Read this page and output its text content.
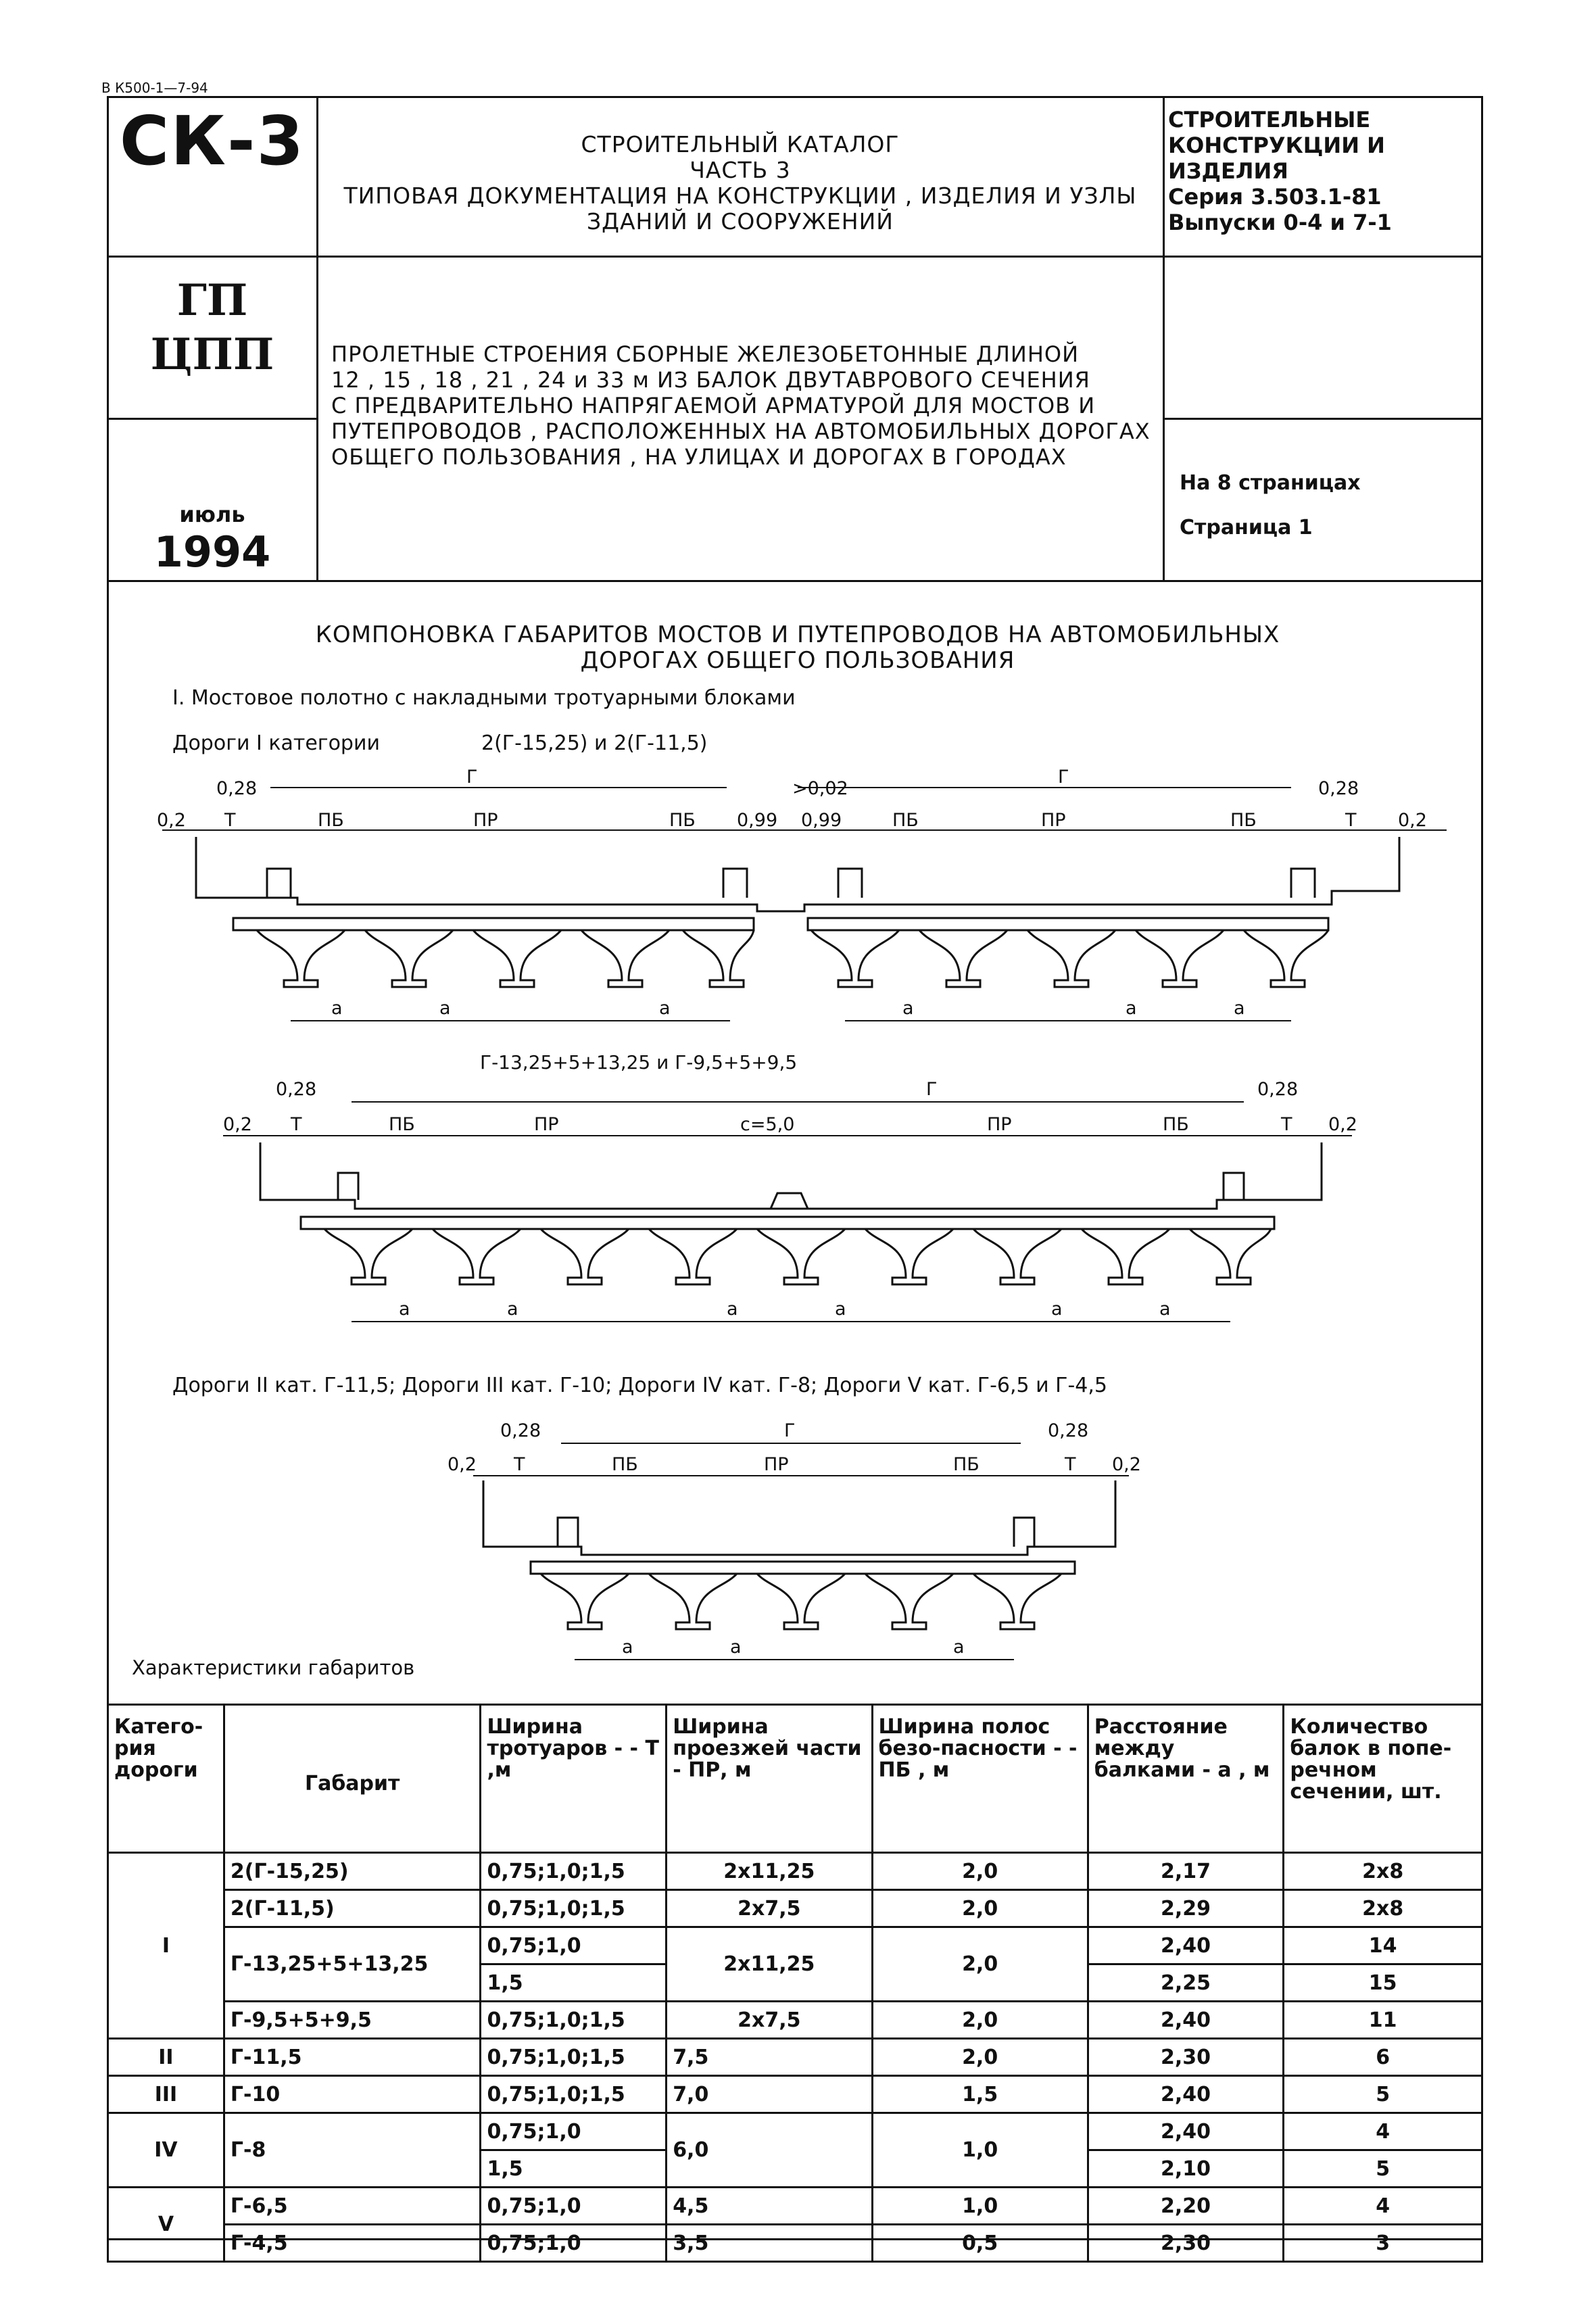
В К500-1—7-94
СК-3	СТРОИТЕЛЬНЫЙ КАТАЛОГ
ЧАСТЬ 3
ТИПОВАЯ ДОКУМЕНТАЦИЯ НА КОНСТРУКЦИИ , ИЗДЕЛИЯ И УЗЛЫ
ЗДАНИЙ И СООРУЖЕНИЙ
СТРОИТЕЛЬНЫЕ
КОНСТРУКЦИИ И ИЗДЕЛИЯ
Серия 3.503.1-81
Выпуски 0-4 и 7-1
ГП
ЦПП
июль
1994
ПРОЛЕТНЫЕ СТРОЕНИЯ СБОРНЫЕ ЖЕЛЕЗОБЕТОННЫЕ ДЛИНОЙ
12 , 15 , 18 , 21 , 24 и 33 м ИЗ БАЛОК ДВУТАВРОВОГО СЕЧЕНИЯ
С ПРЕДВАРИТЕЛЬНО НАПРЯГАЕМОЙ АРМАТУРОЙ ДЛЯ МОСТОВ И
ПУТЕПРОВОДОВ , РАСПОЛОЖЕННЫХ НА АВТОМОБИЛЬНЫХ ДОРОГАХ
ОБЩЕГО ПОЛЬЗОВАНИЯ , НА УЛИЦАХ И ДОРОГАХ В ГОРОДАХ
На 8 страницах
Страница 1
КОМПОНОВКА ГАБАРИТОВ МОСТОВ И ПУТЕПРОВОДОВ НА АВТОМОБИЛЬНЫХ
ДОРОГАХ ОБЩЕГО ПОЛЬЗОВАНИЯ
I. Мостовое полотно с накладными тротуарными блоками
Дороги I категории	2(Г-15,25) и 2(Г-11,5)
Г-13,25+5+13,25 и Г-9,5+5+9,5
Дороги II кат. Г-11,5; Дороги III кат. Г-10; Дороги IV кат. Г-8; Дороги V кат. Г-6,5 и Г-4,5
Характеристики габаритов
0,28
0,2 Т	ПБ	ПР	ПБ 0,99 0,99
>0,02
ПБ	ПР	ПБ	Т 0,2
0,28
Г	Г
а	а	а	а	а	а
0,28
0,2 Т	ПБ	ПР	с=5,0	ПР	ПБ	Т 0,2
0,28
Г
а	а	а	а	а	а
0,28
0,2 Т	ПБ	ПР	ПБ	Т 0,2
0,28
Г
а	а	а
Катего-рия дороги	Габарит	Ширина тротуаров - - Т ,м	Ширина проезжей части - ПР, м	Ширина полос безо-пасности - - ПБ , м	Расстояние между балками - а , м	Количество балок в попе-речном сечении, шт.
I	2(Г-15,25)	0,75;1,0;1,5	2х11,25	2,0	2,17	2х8
	2(Г-11,5)	0,75;1,0;1,5	2х7,5	2,0	2,29	2х8
	Г-13,25+5+13,25	0,75;1,0	2х11,25	2,0	2,40	14
		1,5			2,25	15
	Г-9,5+5+9,5	0,75;1,0;1,5	2х7,5	2,0	2,40	11
II	Г-11,5	0,75;1,0;1,5	7,5	2,0	2,30	6
III	Г-10	0,75;1,0;1,5	7,0	1,5	2,40	5
IV	Г-8	0,75;1,0	6,0	1,0	2,40	4
		1,5			2,10	5
V	Г-6,5	0,75;1,0	4,5	1,0	2,20	4
	Г-4,5	0,75;1,0	3,5	0,5	2,30	3
